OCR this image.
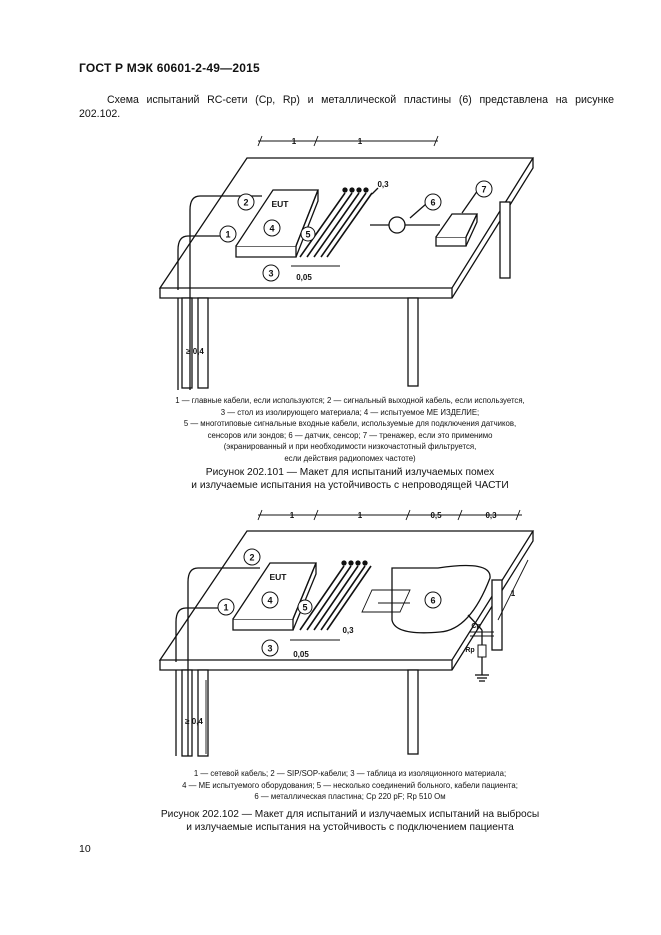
ГОСТ Р МЭК 60601-2-49—2015
Схема испытаний RC-сети (Cp, Rp) и металлической пластины (6) представлена на рисунке
202.102.
2
1
4
5
3
6
7
EUT
0,3
0,05
≥ 0,4
1	1
1 — главные кабели, если используются; 2 — сигнальный выходной кабель, если используется,
3 — стол из изолирующего материала; 4 — испытуемое МЕ ИЗДЕЛИЕ;
5 — многотиповые сигнальные входные кабели, используемые для подключения датчиков,
сенсоров или зондов; 6 — датчик, сенсор; 7 — тренажер, если это применимо
(экранированный и при необходимости низкочастотный фильтруется,
если действия радиопомех частоте)
Рисунок 202.101 — Макет для испытаний излучаемых помех
и излучаемые испытания на устойчивость с непроводящей ЧАСТИ
2
1
4
5
3
6
EUT
0,3
0,05
≥ 0,4
1	1	0,5	0,3
1
Cp
Rp
1 — сетевой кабель; 2 — SIP/SOP-кабели; 3 — таблица из изоляционного материала;
4 — МЕ испытуемого оборудования; 5 — несколько соединений больного, кабели пациента;
6 — металлическая пластина; Cp 220 pF; Rp 510 Ом
Рисунок 202.102 — Макет для испытаний и излучаемых испытаний на выбросы
и излучаемые испытания на устойчивость с подключением пациента
10
